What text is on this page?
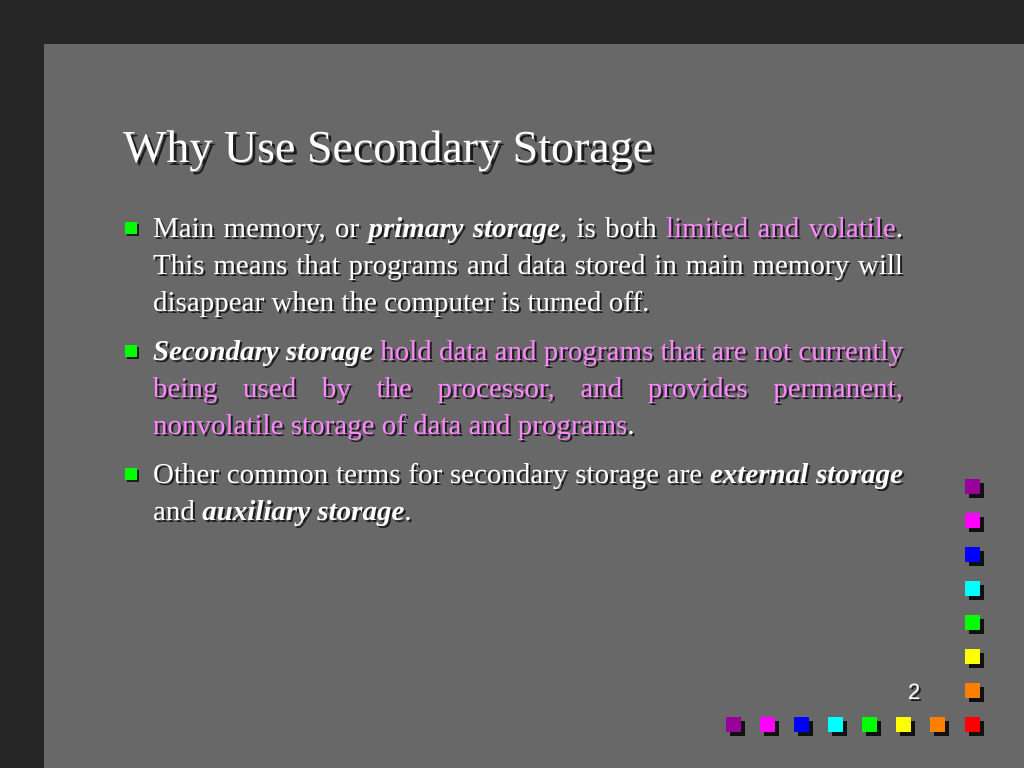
Why Use Secondary Storage
Main memory, or primary storage, is both limited and volatile. This means that programs and data stored in main memory will disappear when the computer is turned off.
Secondary storage hold data and programs that are not currently being used by the processor, and provides permanent, nonvolatile storage of data and programs.
Other common terms for secondary storage are external storage and auxiliary storage.
2
